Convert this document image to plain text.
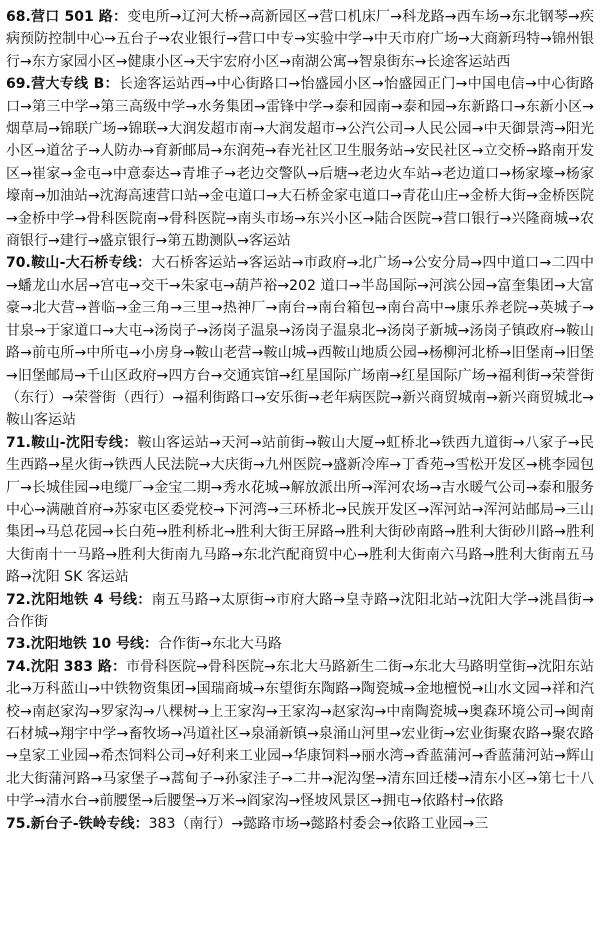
68.营口 501 路：变电所→辽河大桥→高新园区→营口机床厂→科龙路→西车场→东北钢琴→疾病预防控制中心→五台子→农业银行→营口中专→实验中学→中天市府广场→大商新玛特→锦州银行→东方家园小区→健康小区→天宇宏府小区→南湖公寓→智泉街东→长途客运站西

69.营大专线 B：长途客运站西→中心街路口→怡盛园小区→怡盛园正门→中国电信→中心街路口→第三中学→第三高级中学→水务集团→雷锋中学→泰和园南→泰和园→东新路口→东新小区→烟草局→锦联广场→锦联→大润发超市南→大润发超市→公汽公司→人民公园→中天御景湾→阳光小区→道岔子→人防办→育新邮局→东润苑→春光社区卫生服务站→安民社区→立交桥→路南开发区→崔家→金屯→中意泰达→青堆子→老边交警队→后塘→老边火车站→老边道口→杨家壕→杨家壕南→加油站→沈海高速营口站→金屯道口→大石桥金家屯道口→青花山庄→金桥大街→金桥医院→金桥中学→骨科医院南→骨科医院→南头市场→东兴小区→陆合医院→营口银行→兴隆商城→农商银行→建行→盛京银行→第五勘测队→客运站

70.鞍山-大石桥专线：大石桥客运站→客运站→市政府→北广场→公安分局→四中道口→二四中→蟠龙山水居→宫屯→交干→朱家屯→葫芦裕→202 道口→半岛国际→河滨公园→富奎集团→大富豪→北大营→普临→金三角→三里→热神厂→南台→南台箱包→南台高中→康乐养老院→英城子→甘泉→于家道口→大屯→汤岗子→汤岗子温泉→汤岗子温泉北→汤岗子新城→汤岗子镇政府→鞍山路→前屯所→中所屯→小房身→鞍山老营→鞍山城→西鞍山地质公园→杨柳河北桥→旧堡南→旧堡→旧堡邮局→千山区政府→四方台→交通宾馆→红星国际广场南→红星国际广场→福利街→荣誉街（东行）→荣誉街（西行）→福利街路口→安乐街→老年病医院→新兴商贸城南→新兴商贸城北→鞍山客运站

71.鞍山-沈阳专线：鞍山客运站→天河→站前街→鞍山大厦→虹桥北→铁西九道街→八家子→民生西路→星火街→铁西人民法院→大庆街→九州医院→盛新冷库→丁香苑→雪松开发区→桃李园包厂→长城佳园→电缆厂→金宝二期→秀水花城→解放派出所→浑河农场→吉水暖气公司→泰和服务中心→满融首府→苏家屯区委党校→下河湾→三环桥北→民族开发区→浑河站→浑河站邮局→三山集团→马总花园→长白苑→胜利桥北→胜利大街王屏路→胜利大街砂南路→胜利大街砂川路→胜利大街南十一马路→胜利大街南九马路→东北汽配商贸中心→胜利大街南六马路→胜利大街南五马路→沈阳 SK 客运站

72.沈阳地铁 4 号线：南五马路→太原街→市府大路→皇寺路→沈阳北站→沈阳大学→洮昌街→合作街

73.沈阳地铁 10 号线：合作街→东北大马路

74.沈阳 383 路：市骨科医院→骨科医院→东北大马路新生二街→东北大马路明堂街→沈阳东站北→万科蓝山→中铁物资集团→国瑞商城→东望街东陶路→陶瓷城→金地檀悦→山水文园→祥和汽校→南赵家沟→罗家沟→八棵树→上王家沟→王家沟→赵家沟→中南陶瓷城→奥森环境公司→闽南石材城→翔宇中学→畜牧场→冯道社区→泉涌新镇→泉涌山河里→宏业街→宏业街聚农路→聚农路→皇家工业园→希杰饲料公司→好利来工业园→华康饲料→丽水湾→香蓝蒲河→香蓝蒲河站→辉山北大街蒲河路→马家堡子→蒿甸子→孙家洼子→二井→泥沟堡→清东回迁楼→清东小区→第七十八中学→清水台→前腰堡→后腰堡→万米→阎家沟→怪坡风景区→拥屯→依路村→依路

75.新台子-铁岭专线：383（南行）→懿路市场→懿路村委会→依路工业园→三
